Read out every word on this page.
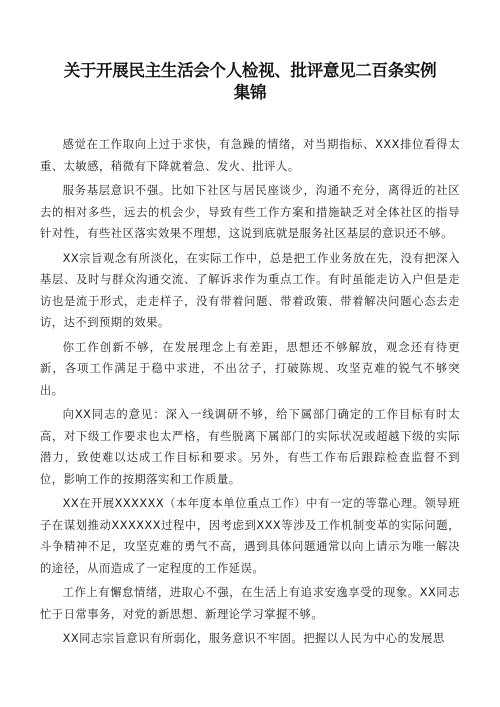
关于开展民主生活会个人检视、批评意见二百条实例
集锦

感觉在工作取向上过于求快，有急躁的情绪，对当期指标、XXX排位看得太重、太敏感，稍微有下降就着急、发火、批评人。

服务基层意识不强。比如下社区与居民座谈少，沟通不充分，离得近的社区去的相对多些，远去的机会少，导致有些工作方案和措施缺乏对全体社区的指导针对性，有些社区落实效果不理想，这说到底就是服务社区基层的意识还不够。

XX宗旨观念有所淡化，在实际工作中，总是把工作业务放在先，没有把深入基层、及时与群众沟通交流、了解诉求作为重点工作。有时虽能走访入户但是走访也是流于形式，走走样子，没有带着问题、带着政策、带着解决问题心态去走访，达不到预期的效果。

你工作创新不够，在发展理念上有差距，思想还不够解放，观念还有待更新，各项工作满足于稳中求进，不出岔子，打破陈规、攻坚克难的锐气不够突出。

向XX同志的意见：深入一线调研不够，给下属部门确定的工作目标有时太高，对下级工作要求也太严格，有些脱离下属部门的实际状况或超越下级的实际潜力，致使难以达成工作目标和要求。另外，有些工作布后跟踪检查监督不到位，影响工作的按期落实和工作质量。

XX在开展XXXXXX（本年度本单位重点工作）中有一定的等靠心理。领导班子在谋划推动XXXXXX过程中，因考虑到XXX等涉及工作机制变革的实际问题，斗争精神不足，攻坚克难的勇气不高，遇到具体问题通常以向上请示为唯一解决的途径，从而造成了一定程度的工作延误。

工作上有懈怠情绪，进取心不强，在生活上有追求安逸享受的现象。XX同志忙于日常事务，对党的新思想、新理论学习掌握不够。

XX同志宗旨意识有所弱化，服务意识不牢固。把握以人民为中心的发展思
